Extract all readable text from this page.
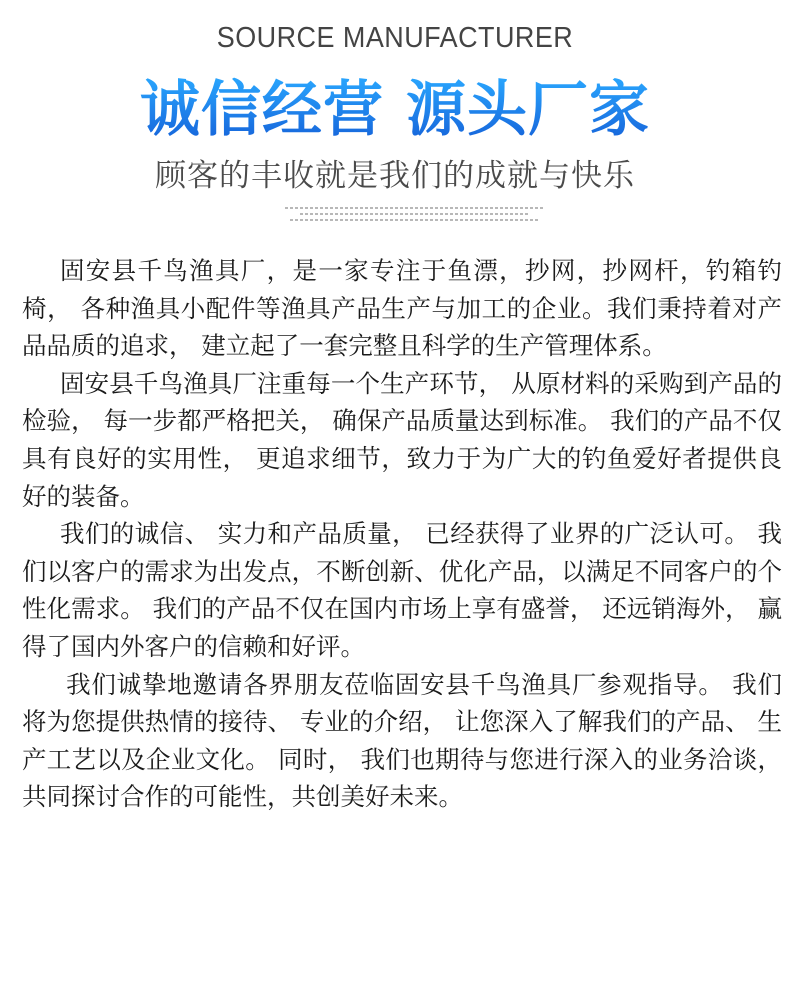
SOURCE MANUFACTURER
诚信经营 源头厂家
顾客的丰收就是我们的成就与快乐

固安县千鸟渔具厂，是一家专注于鱼漂，抄网，抄网杆，钓箱钓椅， 各种渔具小配件等渔具产品生产与加工的企业。我们秉持着对产品品质的追求， 建立起了一套完整且科学的生产管理体系。

固安县千鸟渔具厂注重每一个生产环节， 从原材料的采购到产品的检验， 每一步都严格把关， 确保产品质量达到标准。 我们的产品不仅具有良好的实用性， 更追求细节，致力于为广大的钓鱼爱好者提供良好的装备。

我们的诚信、 实力和产品质量， 已经获得了业界的广泛认可。 我们以客户的需求为出发点，不断创新、优化产品，以满足不同客户的个性化需求。 我们的产品不仅在国内市场上享有盛誉， 还远销海外， 赢得了国内外客户的信赖和好评。

我们诚挚地邀请各界朋友莅临固安县千鸟渔具厂参观指导。 我们将为您提供热情的接待、 专业的介绍， 让您深入了解我们的产品、 生产工艺以及企业文化。 同时， 我们也期待与您进行深入的业务洽谈， 共同探讨合作的可能性，共创美好未来。
